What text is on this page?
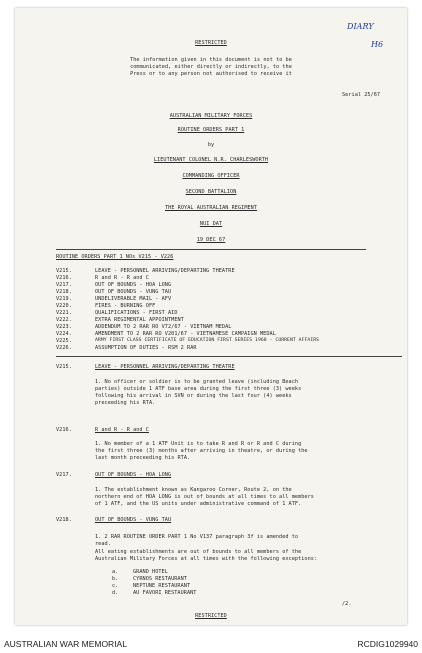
DIARY
H6
RESTRICTED
The information given in this document is not to be
communicated, either directly or indirectly, to the
Press or to any person not authorised to receive it
Serial 25/67
AUSTRALIAN MILITARY FORCES
ROUTINE ORDERS PART 1
by
LIEUTENANT COLONEL N.R. CHARLESWORTH
COMMANDING OFFICER
SECOND BATTALION
THE ROYAL AUSTRALIAN REGIMENT
NUI DAT
19 DEC 67
ROUTINE ORDERS PART 1 NOs V215 - V226
V215.	LEAVE - PERSONNEL ARRIVING/DEPARTING THEATRE
V216.	R and R - R and C
V217.	OUT OF BOUNDS - HOA LONG
V218.	OUT OF BOUNDS - VUNG TAU
V219.	UNDELIVERABLE MAIL - AFV
V220.	FIRES - BURNING OFF
V221.	QUALIFICATIONS - FIRST AID
V222.	EXTRA REGIMENTAL APPOINTMENT
V223.	ADDENDUM TO 2 RAR RO V72/67 - VIETNAM MEDAL
V224.	AMENDMENT TO 2 RAR RO V201/67 - VIETNAMESE CAMPAIGN MEDAL
V225.	ARMY FIRST CLASS CERTIFICATE OF EDUCATION FIRST SERIES 1968 - CURRENT AFFAIRS
V226.	ASSUMPTION OF DUTIES - RSM 2 RAR
V215.	LEAVE - PERSONNEL ARRIVING/DEPARTING THEATRE
1. No officer or soldier is to be granted leave (including Beach
parties) outside 1 ATF base area during the first three (3) weeks
following his arrival in SVN or during the last four (4) weeks
preceeding his RTA.
V216.	R and R - R and C
1. No member of a 1 ATF Unit is to take R and R or R and C during
the first three (3) months after arriving in theatre, or during the
last month preceeding his RTA.
V217.	OUT OF BOUNDS - HOA LONG
1. The establishment known as Kangaroo Corner, Route 2, on the
northern end of HOA LONG is out of bounds at all times to all members
of 1 ATF, and the US units under administrative command of 1 ATF.
V218.	OUT OF BOUNDS - VUNG TAU
1. 2 RAR ROUTINE ORDER PART 1 No V137 paragraph 3f is amended to
read.
All eating establishments are out of bounds to all members of the
Australian Military Forces at all times with the following exceptions:
a.	GRAND HOTEL
b.	CYRNOS RESTAURANT
c.	NEPTUNE RESTAURANT
d.	AU FAVORI RESTAURANT
/2.
RESTRICTED
AUSTRALIAN WAR MEMORIAL	RCDIG1029940
